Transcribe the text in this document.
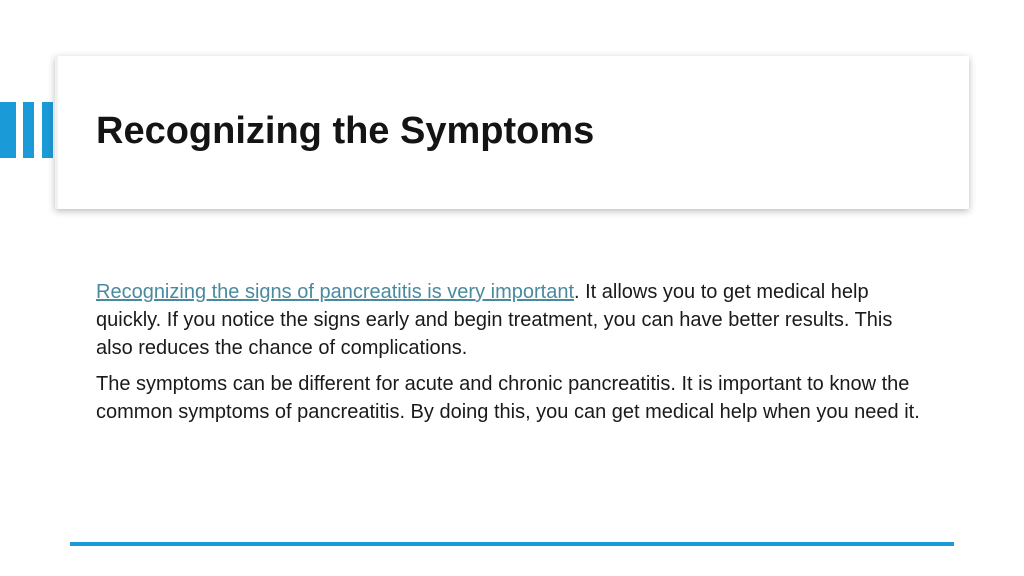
Recognizing the Symptoms

Recognizing the signs of pancreatitis is very important. It allows you to get medical help quickly. If you notice the signs early and begin treatment, you can have better results. This also reduces the chance of complications.

The symptoms can be different for acute and chronic pancreatitis. It is important to know the common symptoms of pancreatitis. By doing this, you can get medical help when you need it.
